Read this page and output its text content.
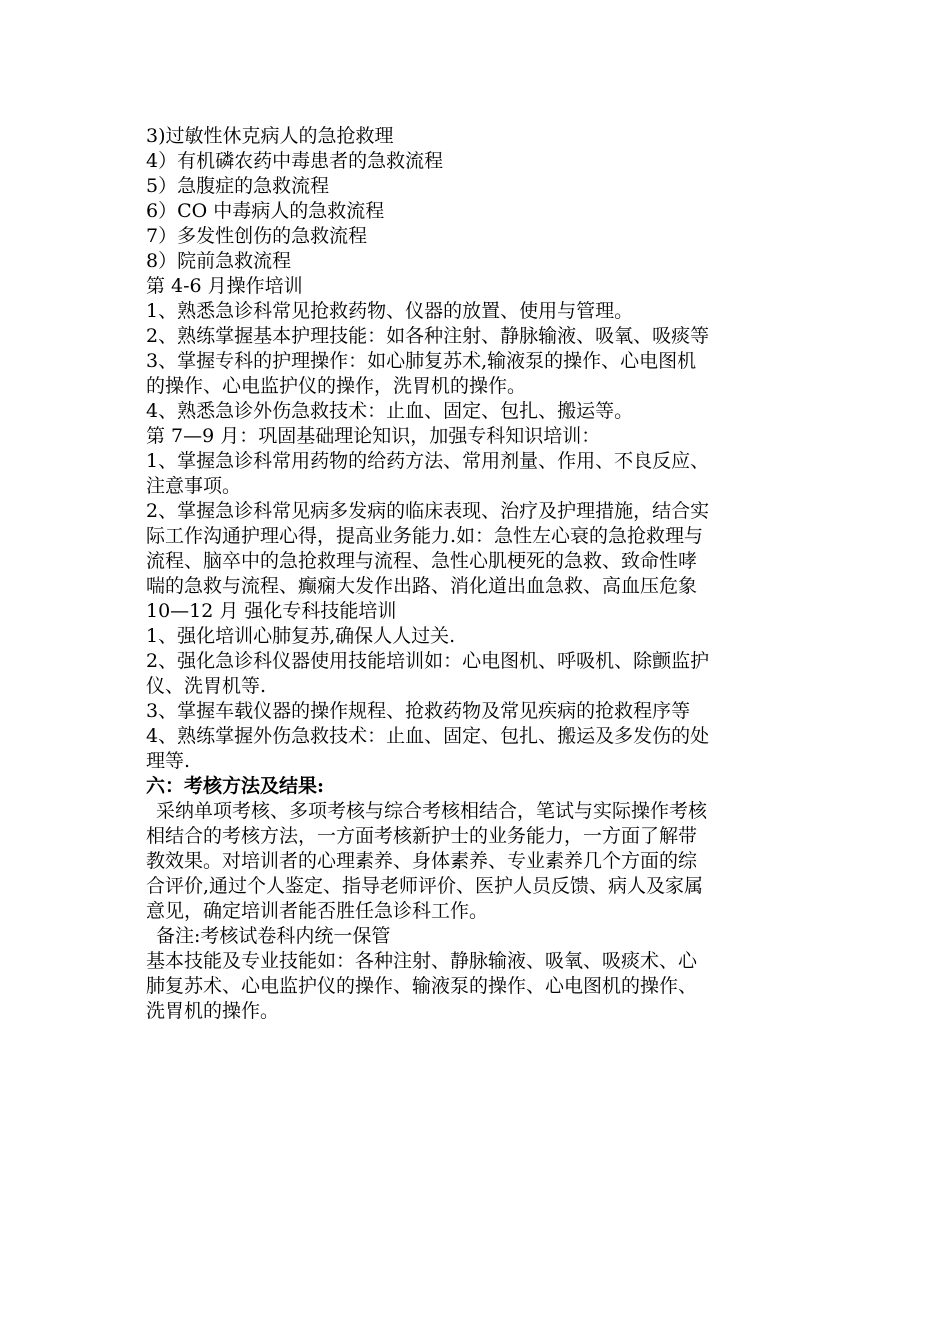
3)过敏性休克病人的急抢救理
4）有机磷农药中毒患者的急救流程
5）急腹症的急救流程
6）CO 中毒病人的急救流程
7）多发性创伤的急救流程
8）院前急救流程
第 4-6 月操作培训
1、熟悉急诊科常见抢救药物、仪器的放置、使用与管理。
2、熟练掌握基本护理技能：如各种注射、静脉输液、吸氧、吸痰等
3、掌握专科的护理操作：如心肺复苏术,输液泵的操作、心电图机
的操作、心电监护仪的操作，洗胃机的操作。
4、熟悉急诊外伤急救技术：止血、固定、包扎、搬运等。
第 7—9 月：巩固基础理论知识，加强专科知识培训：
1、掌握急诊科常用药物的给药方法、常用剂量、作用、不良反应、
注意事项。
2、掌握急诊科常见病多发病的临床表现、治疗及护理措施，结合实
际工作沟通护理心得，提高业务能力.如：急性左心衰的急抢救理与
流程、脑卒中的急抢救理与流程、急性心肌梗死的急救、致命性哮
喘的急救与流程、癫痫大发作出路、消化道出血急救、高血压危象
10—12 月 强化专科技能培训
1、强化培训心肺复苏,确保人人过关.
2、强化急诊科仪器使用技能培训如：心电图机、呼吸机、除颤监护
仪、洗胃机等.
3、掌握车载仪器的操作规程、抢救药物及常见疾病的抢救程序等
4、熟练掌握外伤急救技术：止血、固定、包扎、搬运及多发伤的处
理等.
六：考核方法及结果:
采纳单项考核、多项考核与综合考核相结合，笔试与实际操作考核
相结合的考核方法，一方面考核新护士的业务能力，一方面了解带
教效果。对培训者的心理素养、身体素养、专业素养几个方面的综
合评价,通过个人鉴定、指导老师评价、医护人员反馈、病人及家属
意见，确定培训者能否胜任急诊科工作。
备注:考核试卷科内统一保管
基本技能及专业技能如：各种注射、静脉输液、吸氧、吸痰术、心
肺复苏术、心电监护仪的操作、输液泵的操作、心电图机的操作、
洗胃机的操作。
